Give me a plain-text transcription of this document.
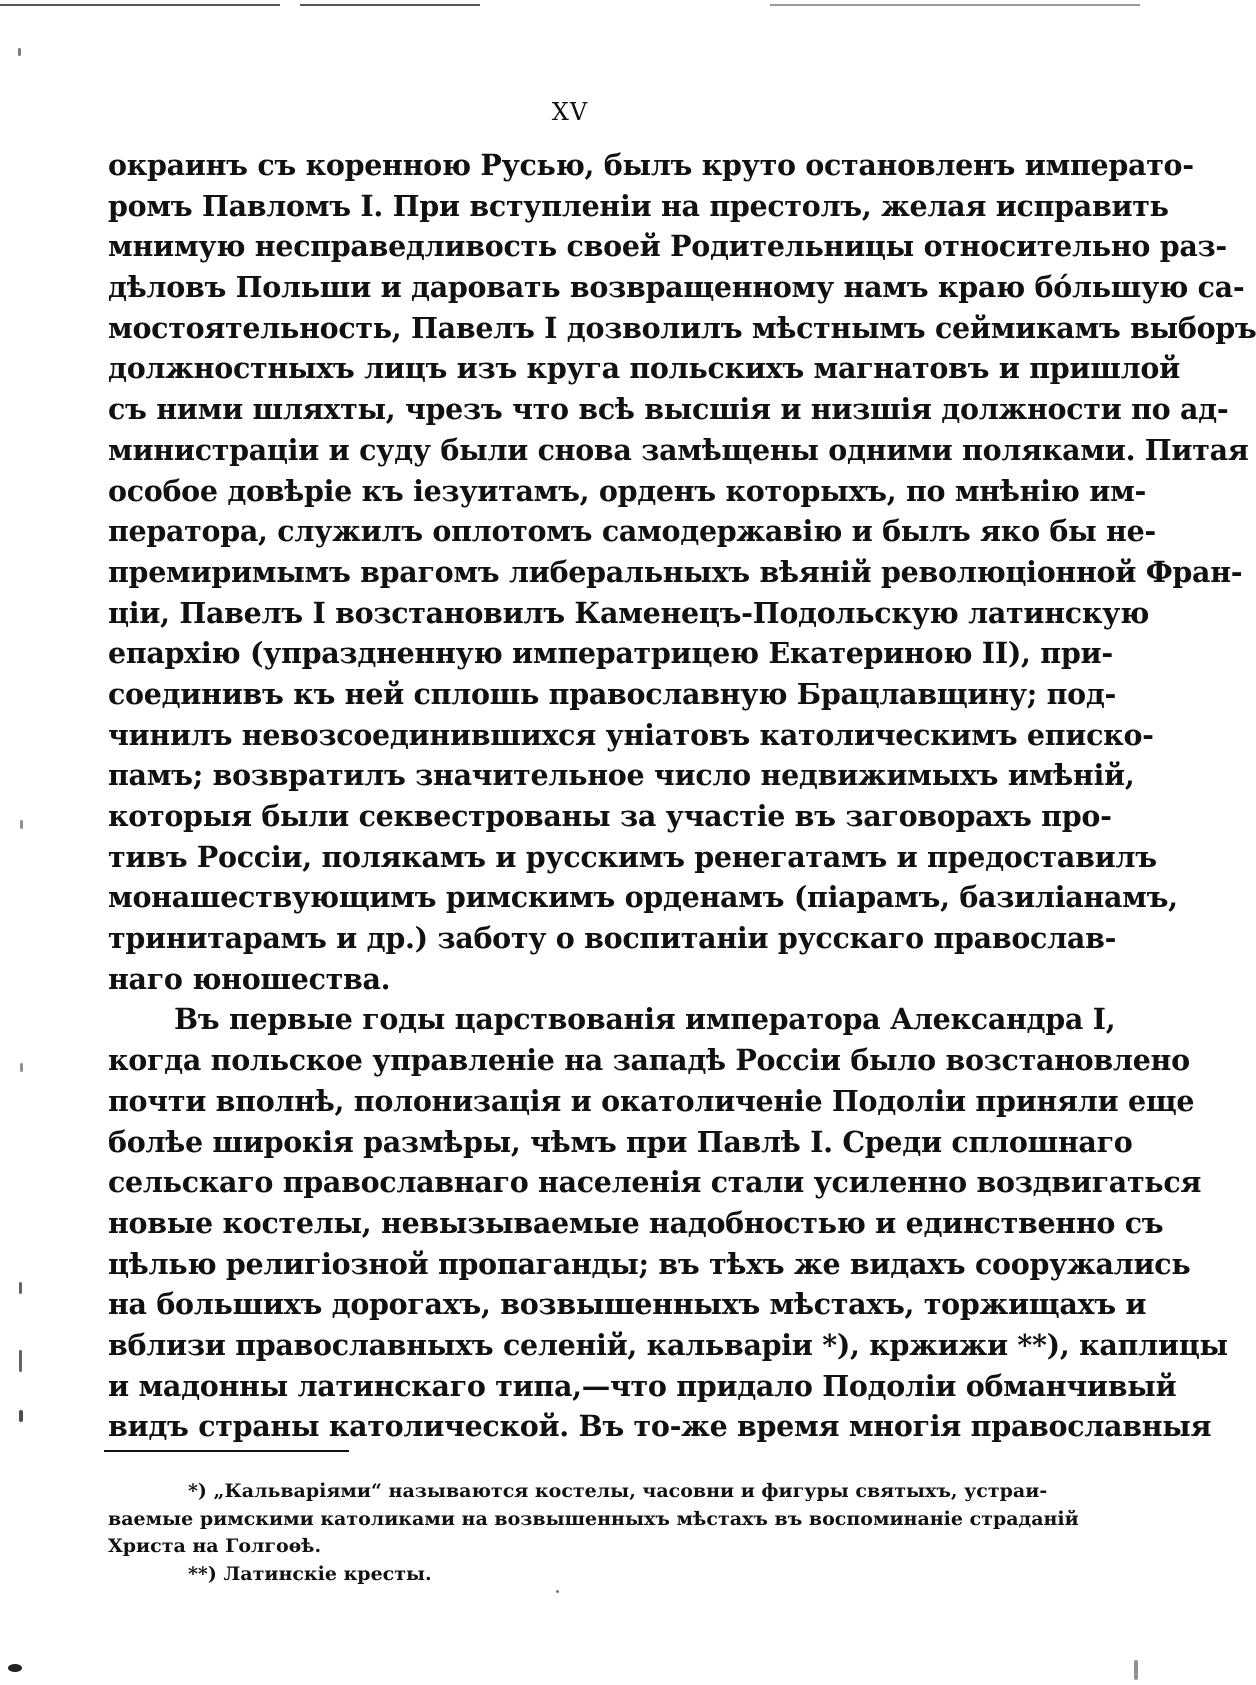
XV
окраинъ съ коренною Русью, былъ круто остановленъ императо-
ромъ Павломъ I. При вступленіи на престолъ, желая исправить
мнимую несправедливость своей Родительницы относительно раз-
дѣловъ Польши и даровать возвращенному намъ краю бо́льшую са-
мостоятельность, Павелъ I дозволилъ мѣстнымъ сеймикамъ выборъ
должностныхъ лицъ изъ круга польскихъ магнатовъ и пришлой
съ ними шляхты, чрезъ что всѣ высшія и низшія должности по ад-
министраціи и суду были снова замѣщены одними поляками. Питая
особое довѣріе къ іезуитамъ, орденъ которыхъ, по мнѣнію им-
ператора, служилъ оплотомъ самодержавію и былъ яко бы не-
премиримымъ врагомъ либеральныхъ вѣяній революціонной Фран-
ціи, Павелъ I возстановилъ Каменецъ-Подольскую латинскую
епархію (упраздненную императрицею Екатериною II), при-
соединивъ къ ней сплошь православную Брацлавщину; под-
чинилъ невозсоединившихся уніатовъ католическимъ еписко-
памъ; возвратилъ значительное число недвижимыхъ имѣній,
которыя были секвестрованы за участіе въ заговорахъ про-
тивъ Россіи, полякамъ и русскимъ ренегатамъ и предоставилъ
монашествующимъ римскимъ орденамъ (піарамъ, базиліанамъ,
тринитарамъ и др.) заботу о воспитаніи русскаго православ-
наго юношества.
Въ первые годы царствованія императора Александра I,
когда польское управленіе на западѣ Россіи было возстановлено
почти вполнѣ, полонизація и окатоличеніе Подоліи приняли еще
болѣе широкія размѣры, чѣмъ при Павлѣ I. Среди сплошнаго
сельскаго православнаго населенія стали усиленно воздвигаться
новые костелы, невызываемые надобностью и единственно съ
цѣлью религіозной пропаганды; въ тѣхъ же видахъ сооружались
на большихъ дорогахъ, возвышенныхъ мѣстахъ, торжищахъ и
вблизи православныхъ селеній, кальваріи *), кржижи **), каплицы
и мадонны латинскаго типа,—что придало Подоліи обманчивый
видъ страны католической. Въ то-же время многія православныя
*) „Кальваріями“ называются костелы, часовни и фигуры святыхъ, устраи-
ваемые римскими католиками на возвышенныхъ мѣстахъ въ воспоминаніе страданій
Христа на Голгоѳѣ.
**) Латинскіе кресты.
